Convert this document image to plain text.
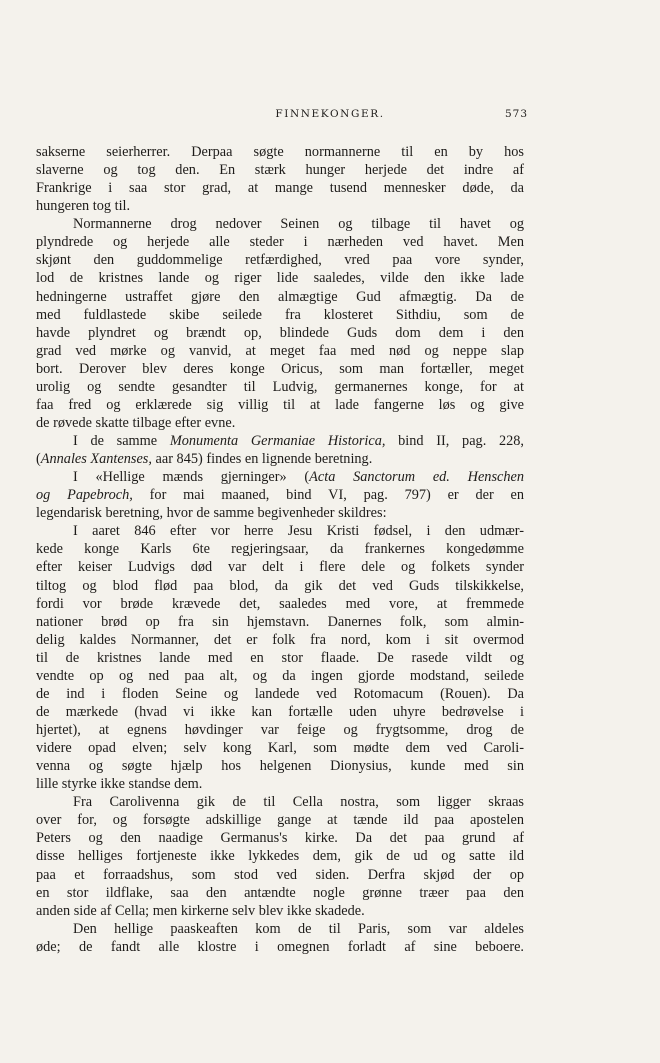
FINNEKONGER.	573

sakserne seierherrer. Derpaa søgte normannerne til en by hos
slaverne og tog den. En stærk hunger herjede det indre af
Frankrige i saa stor grad, at mange tusend mennesker døde, da
hungeren tog til.

Normannerne drog nedover Seinen og tilbage til havet og
plyndrede og herjede alle steder i nærheden ved havet. Men
skjønt den guddommelige retfærdighed, vred paa vore synder,
lod de kristnes lande og riger lide saaledes, vilde den ikke lade
hedningerne ustraffet gjøre den almægtige Gud afmægtig. Da de
med fuldlastede skibe seilede fra klosteret Sithdiu, som de
havde plyndret og brændt op, blindede Guds dom dem i den
grad ved mørke og vanvid, at meget faa med nød og neppe slap
bort. Derover blev deres konge Oricus, som man fortæller, meget
urolig og sendte gesandter til Ludvig, germanernes konge, for at
faa fred og erklærede sig villig til at lade fangerne løs og give
de røvede skatte tilbage efter evne.

I de samme Monumenta Germaniae Historica, bind II, pag. 228,
(Annales Xantenses, aar 845) findes en lignende beretning.

I «Hellige mænds gjerninger» (Acta Sanctorum ed. Henschen
og Papebroch, for mai maaned, bind VI, pag. 797) er der en
legendarisk beretning, hvor de samme begivenheder skildres:

I aaret 846 efter vor herre Jesu Kristi fødsel, i den udmær-
kede konge Karls 6te regjeringsaar, da frankernes kongedømme
efter keiser Ludvigs død var delt i flere dele og folkets synder
tiltog og blod flød paa blod, da gik det ved Guds tilskikkelse,
fordi vor brøde krævede det, saaledes med vore, at fremmede
nationer brød op fra sin hjemstavn. Danernes folk, som almin-
delig kaldes Normanner, det er folk fra nord, kom i sit overmod
til de kristnes lande med en stor flaade. De rasede vildt og
vendte op og ned paa alt, og da ingen gjorde modstand, seilede
de ind i floden Seine og landede ved Rotomacum (Rouen). Da
de mærkede (hvad vi ikke kan fortælle uden uhyre bedrøvelse i
hjertet), at egnens høvdinger var feige og frygtsomme, drog de
videre opad elven; selv kong Karl, som mødte dem ved Caroli-
venna og søgte hjælp hos helgenen Dionysius, kunde med sin
lille styrke ikke standse dem.

Fra Carolivenna gik de til Cella nostra, som ligger skraas
over for, og forsøgte adskillige gange at tænde ild paa apostelen
Peters og den naadige Germanus's kirke. Da det paa grund af
disse helliges fortjeneste ikke lykkedes dem, gik de ud og satte ild
paa et forraadshus, som stod ved siden. Derfra skjød der op
en stor ildflake, saa den antændte nogle grønne træer paa den
anden side af Cella; men kirkerne selv blev ikke skadede.

Den hellige paaskeaften kom de til Paris, som var aldeles
øde; de fandt alle klostre i omegnen forladt af sine beboere.
